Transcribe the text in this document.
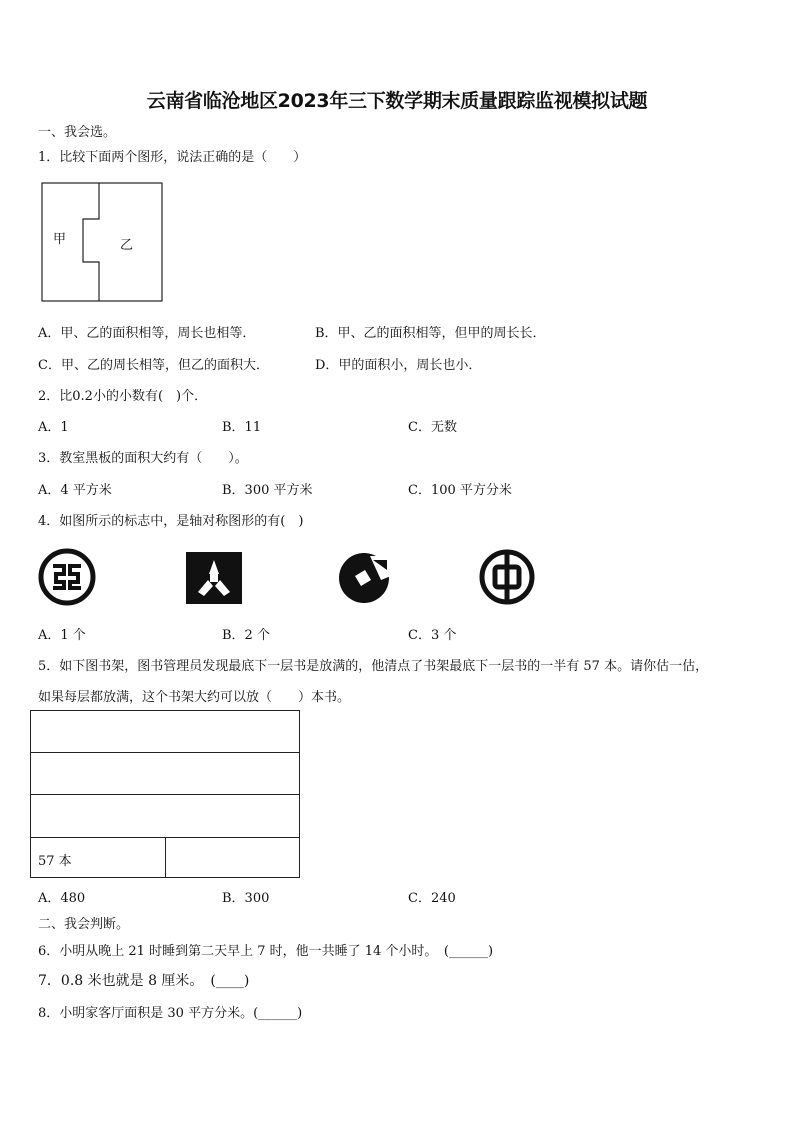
云南省临沧地区2023年三下数学期末质量跟踪监视模拟试题
一、我会选。
1．比较下面两个图形，说法正确的是（　　）
甲	乙
A．甲、乙的面积相等，周长也相等．	B．甲、乙的面积相等，但甲的周长长．
C．甲、乙的周长相等，但乙的面积大．	D．甲的面积小，周长也小．
2．比0.2小的小数有(　)个．
A．1	B．11	C．无数
3．教室黑板的面积大约有（　　）。
A．4 平方米	B．300 平方米	C．100 平方分米
4．如图所示的标志中，是轴对称图形的有(　)
A．1 个	B．2 个	C．3 个
5．如下图书架，图书管理员发现最底下一层书是放满的，他清点了书架最底下一层书的一半有 57 本。请你估一估，
如果每层都放满，这个书架大约可以放（　　）本书。
57 本
A．480	B．300	C．240
二、我会判断。
6．小明从晚上 21 时睡到第二天早上 7 时，他一共睡了 14 个小时。　(______)
7．0.8 米也就是 8 厘米。　(____)
8．小明家客厅面积是 30 平方分米。(______)
